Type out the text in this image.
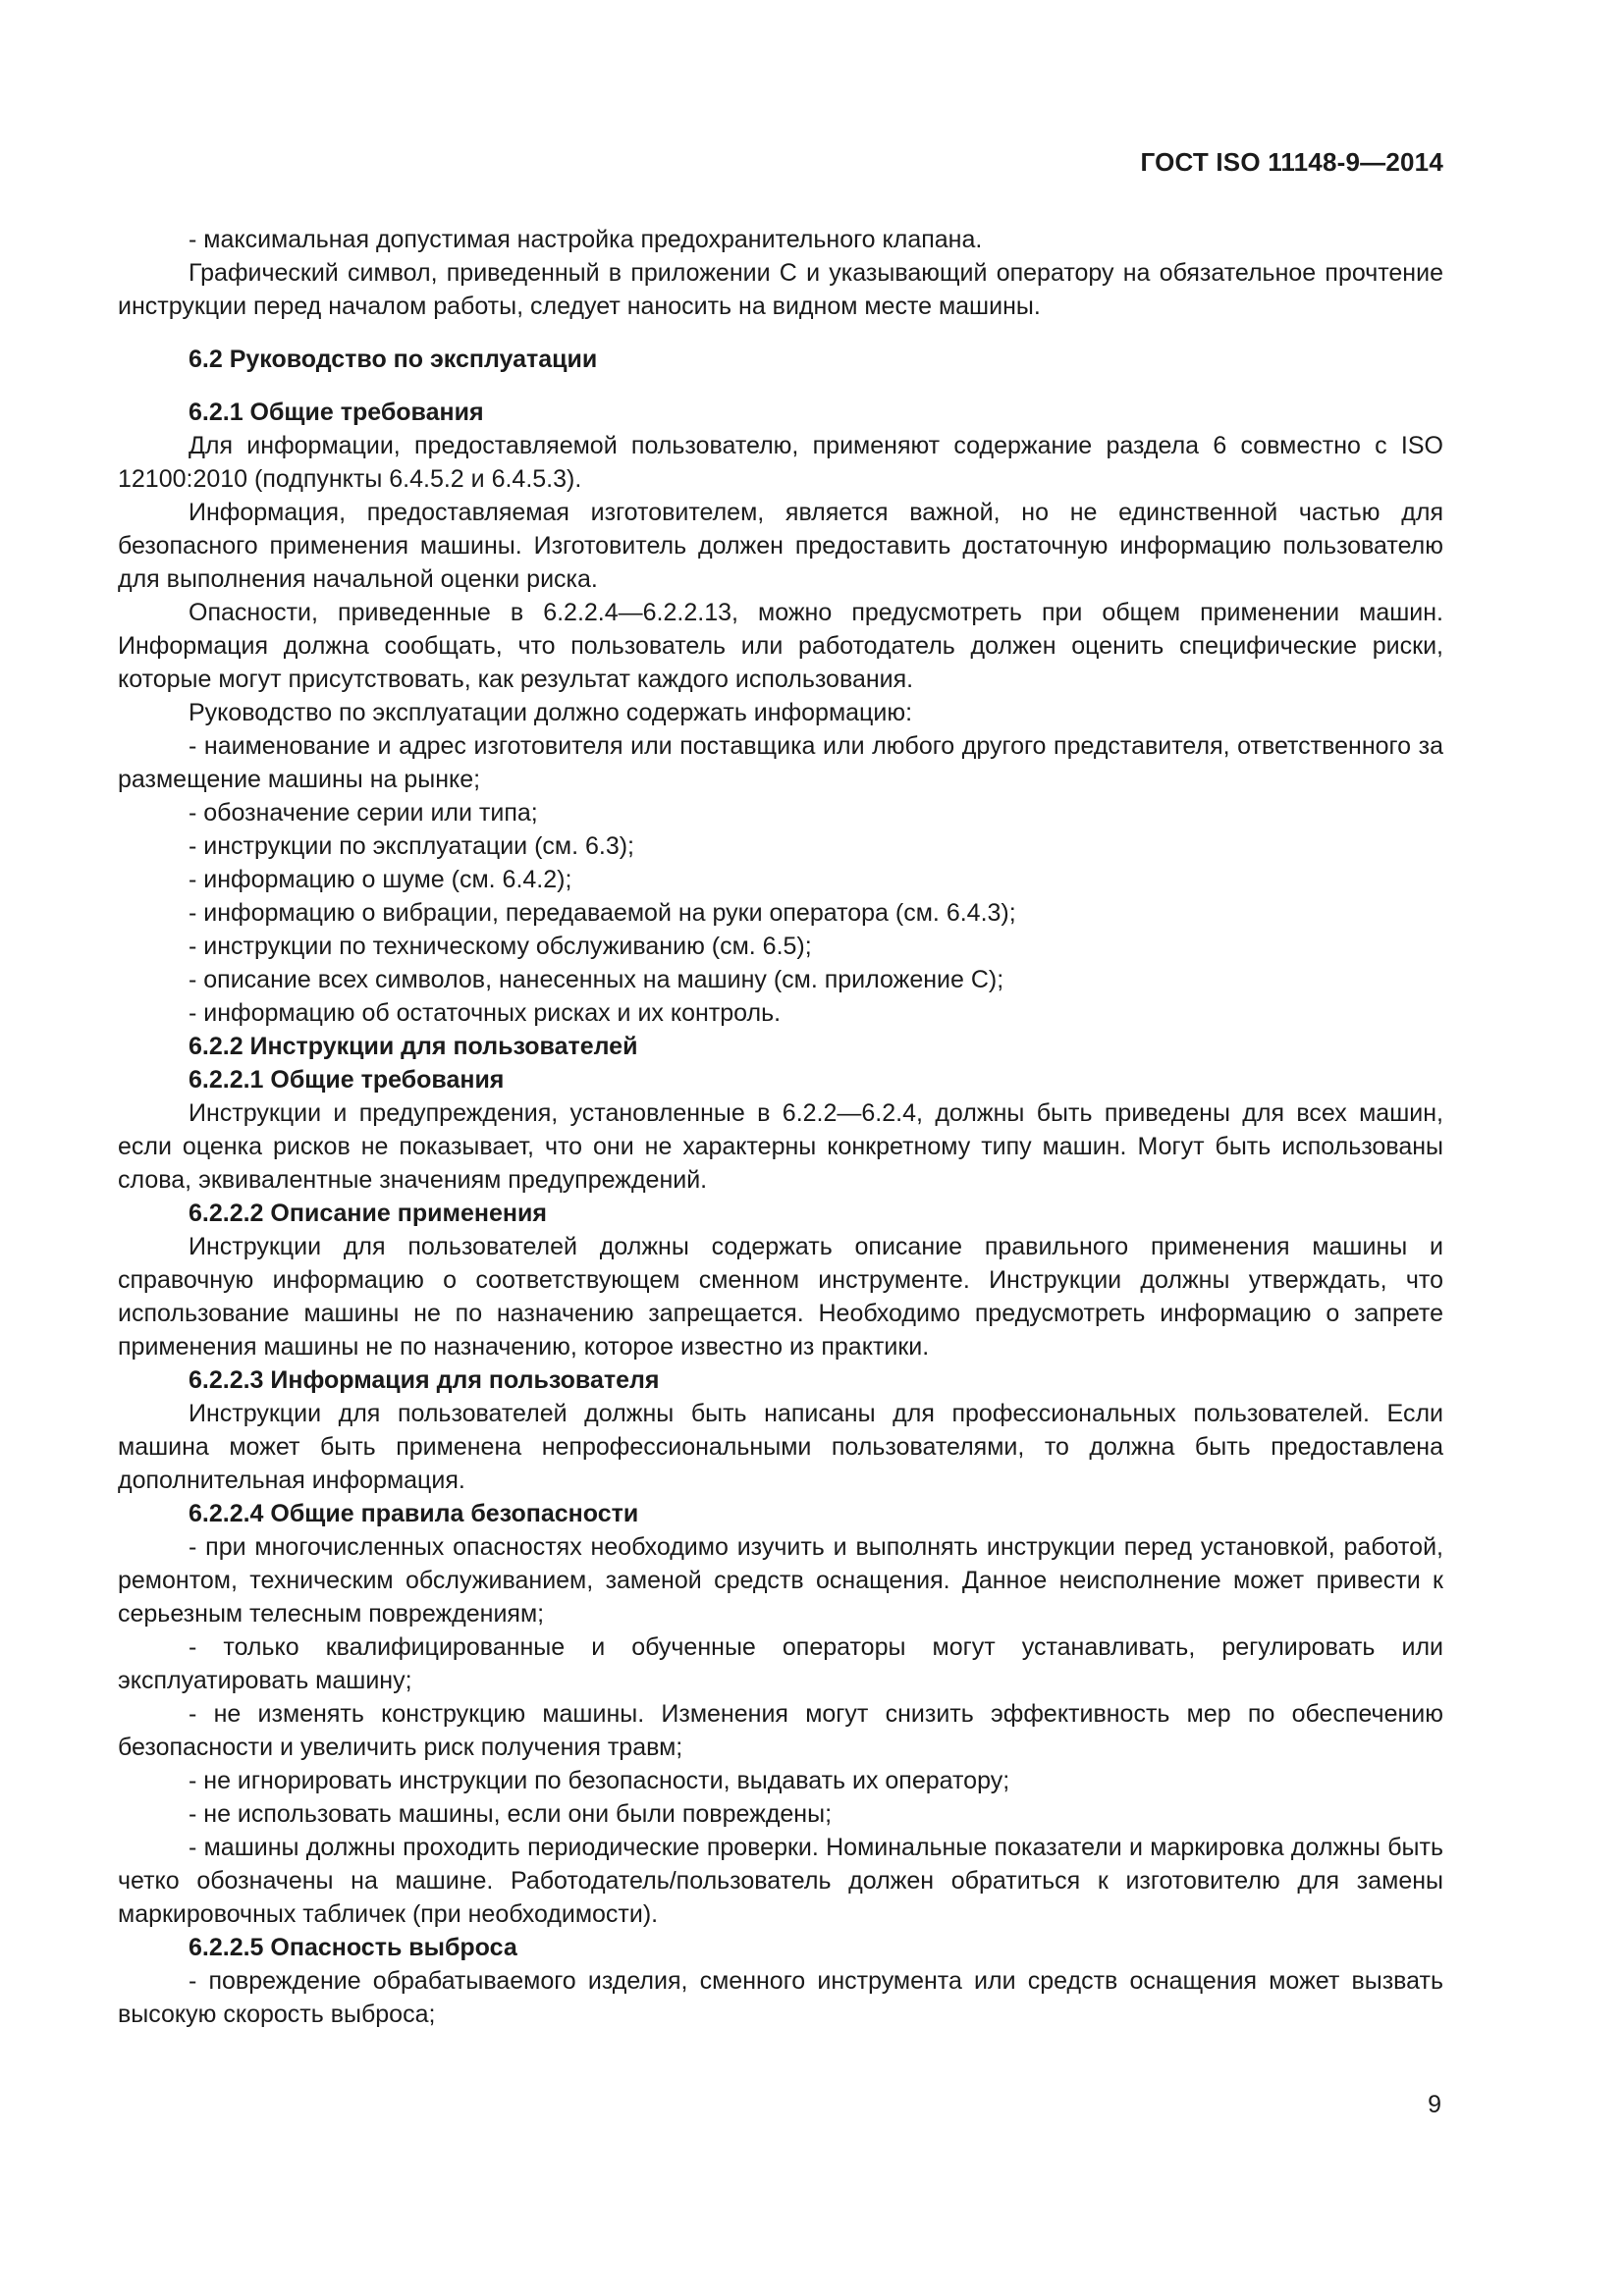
ГОСТ ISO 11148-9—2014

- максимальная допустимая настройка предохранительного клапана.

Графический символ, приведенный в приложении С и указывающий оператору на обязательное прочтение инструкции перед началом работы, следует наносить на видном месте машины.

6.2 Руководство по эксплуатации
6.2.1 Общие требования

Для информации, предоставляемой пользователю, применяют содержание раздела 6 совместно с ISO 12100:2010 (подпункты 6.4.5.2 и 6.4.5.3).

Информация, предоставляемая изготовителем, является важной, но не единственной частью для безопасного применения машины. Изготовитель должен предоставить достаточную информацию пользователю для выполнения начальной оценки риска.

Опасности, приведенные в 6.2.2.4—6.2.2.13, можно предусмотреть при общем применении машин. Информация должна сообщать, что пользователь или работодатель должен оценить специфические риски, которые могут присутствовать, как результат каждого использования.

Руководство по эксплуатации должно содержать информацию:

- наименование и адрес изготовителя или поставщика или любого другого представителя, ответственного за размещение машины на рынке;

- обозначение серии или типа;

- инструкции по эксплуатации (см. 6.3);

- информацию о шуме (см. 6.4.2);

- информацию о вибрации, передаваемой на руки оператора (см. 6.4.3);

- инструкции по техническому обслуживанию (см. 6.5);

- описание всех символов, нанесенных на машину (см. приложение С);

- информацию об остаточных рисках и их контроль.

6.2.2 Инструкции для пользователей
6.2.2.1 Общие требования

Инструкции и предупреждения, установленные в 6.2.2—6.2.4, должны быть приведены для всех машин, если оценка рисков не показывает, что они не характерны конкретному типу машин. Могут быть использованы слова, эквивалентные значениям предупреждений.

6.2.2.2 Описание применения

Инструкции для пользователей должны содержать описание правильного применения машины и справочную информацию о соответствующем сменном инструменте. Инструкции должны утверждать, что использование машины не по назначению запрещается. Необходимо предусмотреть информацию о запрете применения машины не по назначению, которое известно из практики.

6.2.2.3 Информация для пользователя

Инструкции для пользователей должны быть написаны для профессиональных пользователей. Если машина может быть применена непрофессиональными пользователями, то должна быть предоставлена дополнительная информация.

6.2.2.4 Общие правила безопасности

- при многочисленных опасностях необходимо изучить и выполнять инструкции перед установкой, работой, ремонтом, техническим обслуживанием, заменой средств оснащения. Данное неисполнение может привести к серьезным телесным повреждениям;

- только квалифицированные и обученные операторы могут устанавливать, регулировать или эксплуатировать машину;

- не изменять конструкцию машины. Изменения могут снизить эффективность мер по обеспечению безопасности и увеличить риск получения травм;

- не игнорировать инструкции по безопасности, выдавать их оператору;

- не использовать машины, если они были повреждены;

- машины должны проходить периодические проверки. Номинальные показатели и маркировка должны быть четко обозначены на машине. Работодатель/пользователь должен обратиться к изготовителю для замены маркировочных табличек (при необходимости).

6.2.2.5 Опасность выброса

- повреждение обрабатываемого изделия, сменного инструмента или средств оснащения может вызвать высокую скорость выброса;

9
